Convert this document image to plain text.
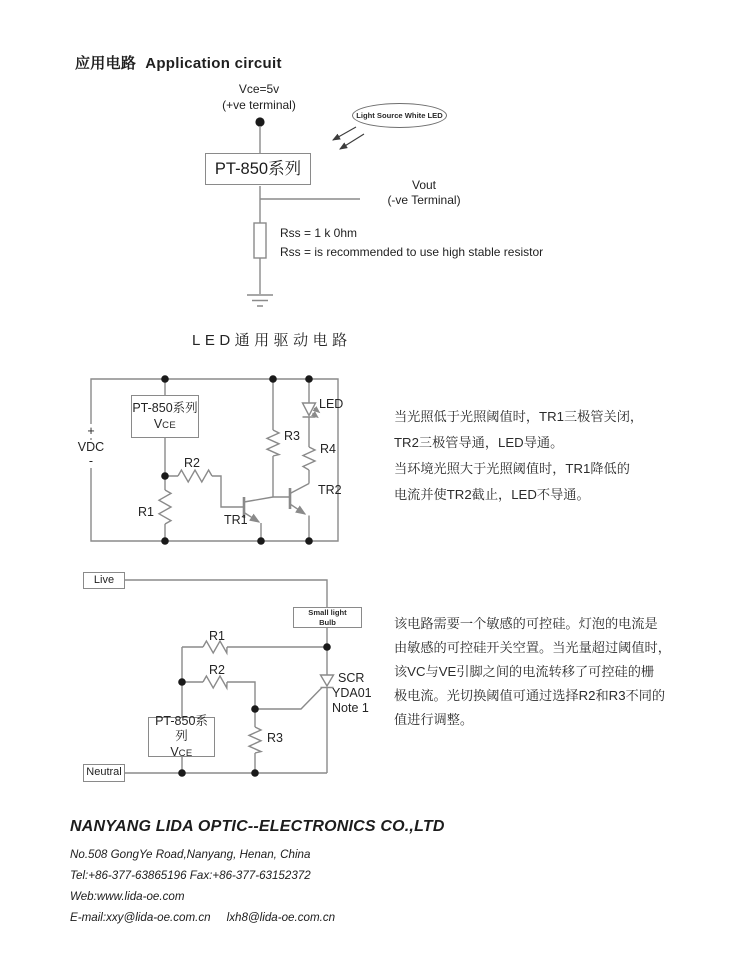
应用电路 Application circuit
Vce=5v
(+ve terminal)
Light Source White LED
PT-850系列
Vout
(-ve Terminal)
Rss = 1 k 0hm
Rss = is recommended to use high stable resistor
LED通用驱动电路
PT-850系列
VCE
+
VDC
-
R1
R2
R3
R4
TR1
TR2
LED
当光照低于光照阈值时，TR1三极管关闭，
TR2三极管导通，LED导通。
当环境光照大于光照阈值时，TR1降低的
电流并使TR2截止，LED不导通。
Live
Small light
Bulb
R1
R2
R3
SCR
YDA01
Note 1
PT-850系列
VCE
Neutral
该电路需要一个敏感的可控硅。灯泡的电流是
由敏感的可控硅开关空置。当光量超过阈值时，
该VC与VE引脚之间的电流转移了可控硅的栅
极电流。光切换阈值可通过选择R2和R3不同的
值进行调整。
NANYANG LIDA OPTIC--ELECTRONICS CO.,LTD
No.508 GongYe Road,Nanyang, Henan, China
Tel:+86-377-63865196 Fax:+86-377-63152372
Web:www.lida-oe.com
E-mail:xxy@lida-oe.com.cn lxh8@lida-oe.com.cn
